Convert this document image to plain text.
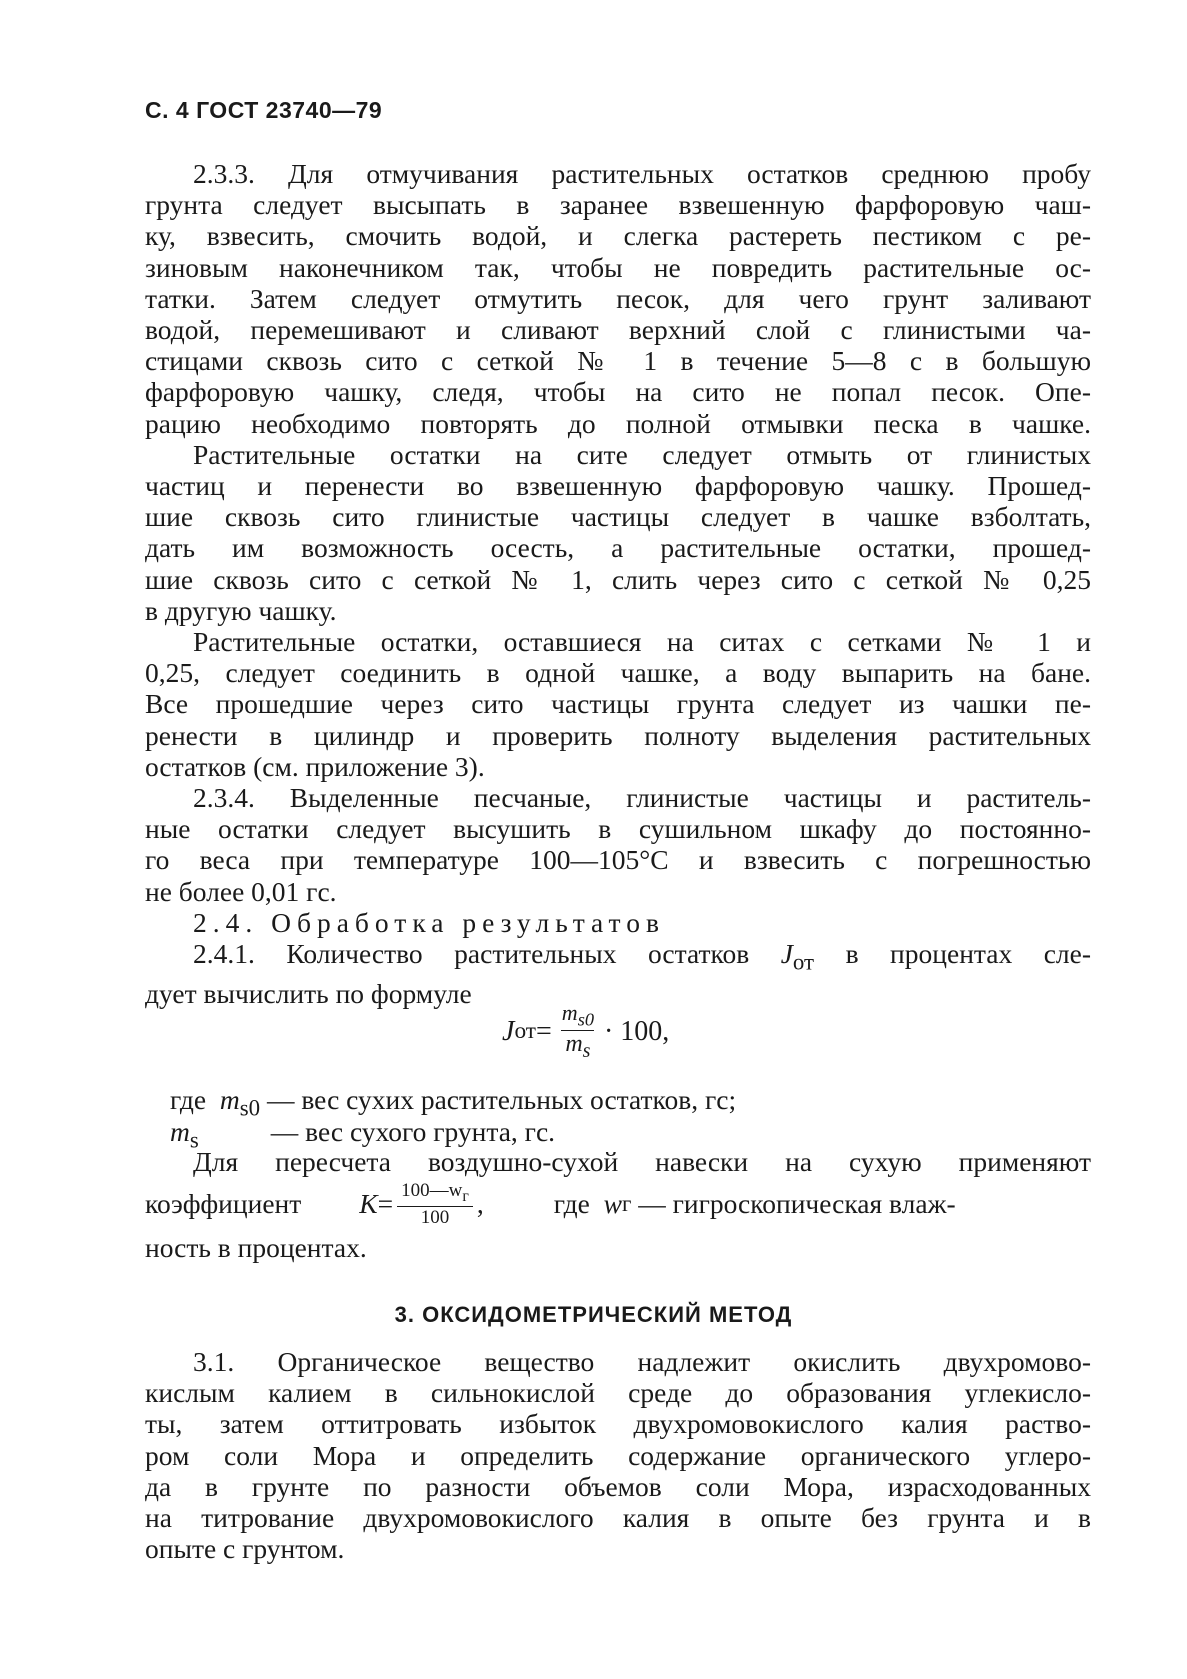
С. 4 ГОСТ 23740—79
2.3.3. Для отмучивания растительных остатков среднюю пробу
грунта следует высыпать в заранее взвешенную фарфоровую чаш-
ку, взвесить, смочить водой, и слегка растереть пестиком с ре-
зиновым наконечником так, чтобы не повредить растительные ос-
татки. Затем следует отмутить песок, для чего грунт заливают
водой, перемешивают и сливают верхний слой с глинистыми ча-
стицами сквозь сито с сеткой № 1 в течение 5—8 с в большую
фарфоровую чашку, следя, чтобы на сито не попал песок. Опе-
рацию необходимо повторять до полной отмывки песка в чашке.
Растительные остатки на сите следует отмыть от глинистых
частиц и перенести во взвешенную фарфоровую чашку. Прошед-
шие сквозь сито глинистые частицы следует в чашке взболтать,
дать им возможность осесть, а растительные остатки, прошед-
шие сквозь сито с сеткой № 1, слить через сито с сеткой № 0,25
в другую чашку.
Растительные остатки, оставшиеся на ситах с сетками № 1 и
0,25, следует соединить в одной чашке, а воду выпарить на бане.
Все прошедшие через сито частицы грунта следует из чашки пе-
ренести в цилиндр и проверить полноту выделения растительных
остатков (см. приложение 3).
2.3.4. Выделенные песчаные, глинистые частицы и раститель-
ные остатки следует высушить в сушильном шкафу до постоянно-
го веса при температуре 100—105°С и взвесить с погрешностью
не более 0,01 гс.
2.4. Обработка результатов
2.4.1. Количество растительных остатков $J_{от}$ в процентах сле-
дует вычислить по формуле
J от = $\frac{m_{s0}}{m_s} \cdot 100$,
где $m_{s0}$ — вес сухих растительных остатков, гс;
$m_s$	— вес сухого грунта, гс.
Для пересчета воздушно-сухой навески на сухую применяют
коэффициент $K = 100—w_г$
100 ,	где
w г
— гигроскопическая влаж-
ность в процентах.
3. ОКСИДОМЕТРИЧЕСКИЙ МЕТОД
3.1. Органическое вещество надлежит окислить двухромово-
кислым калием в сильнокислой среде до образования углекисло-
ты, затем оттитровать избыток двухромовокислого калия раство-
ром соли Мора и определить содержание органического углеро-
да в грунте по разности объемов соли Мора, израсходованных
на титрование двухромовокислого калия в опыте без грунта и в
опыте с грунтом.
